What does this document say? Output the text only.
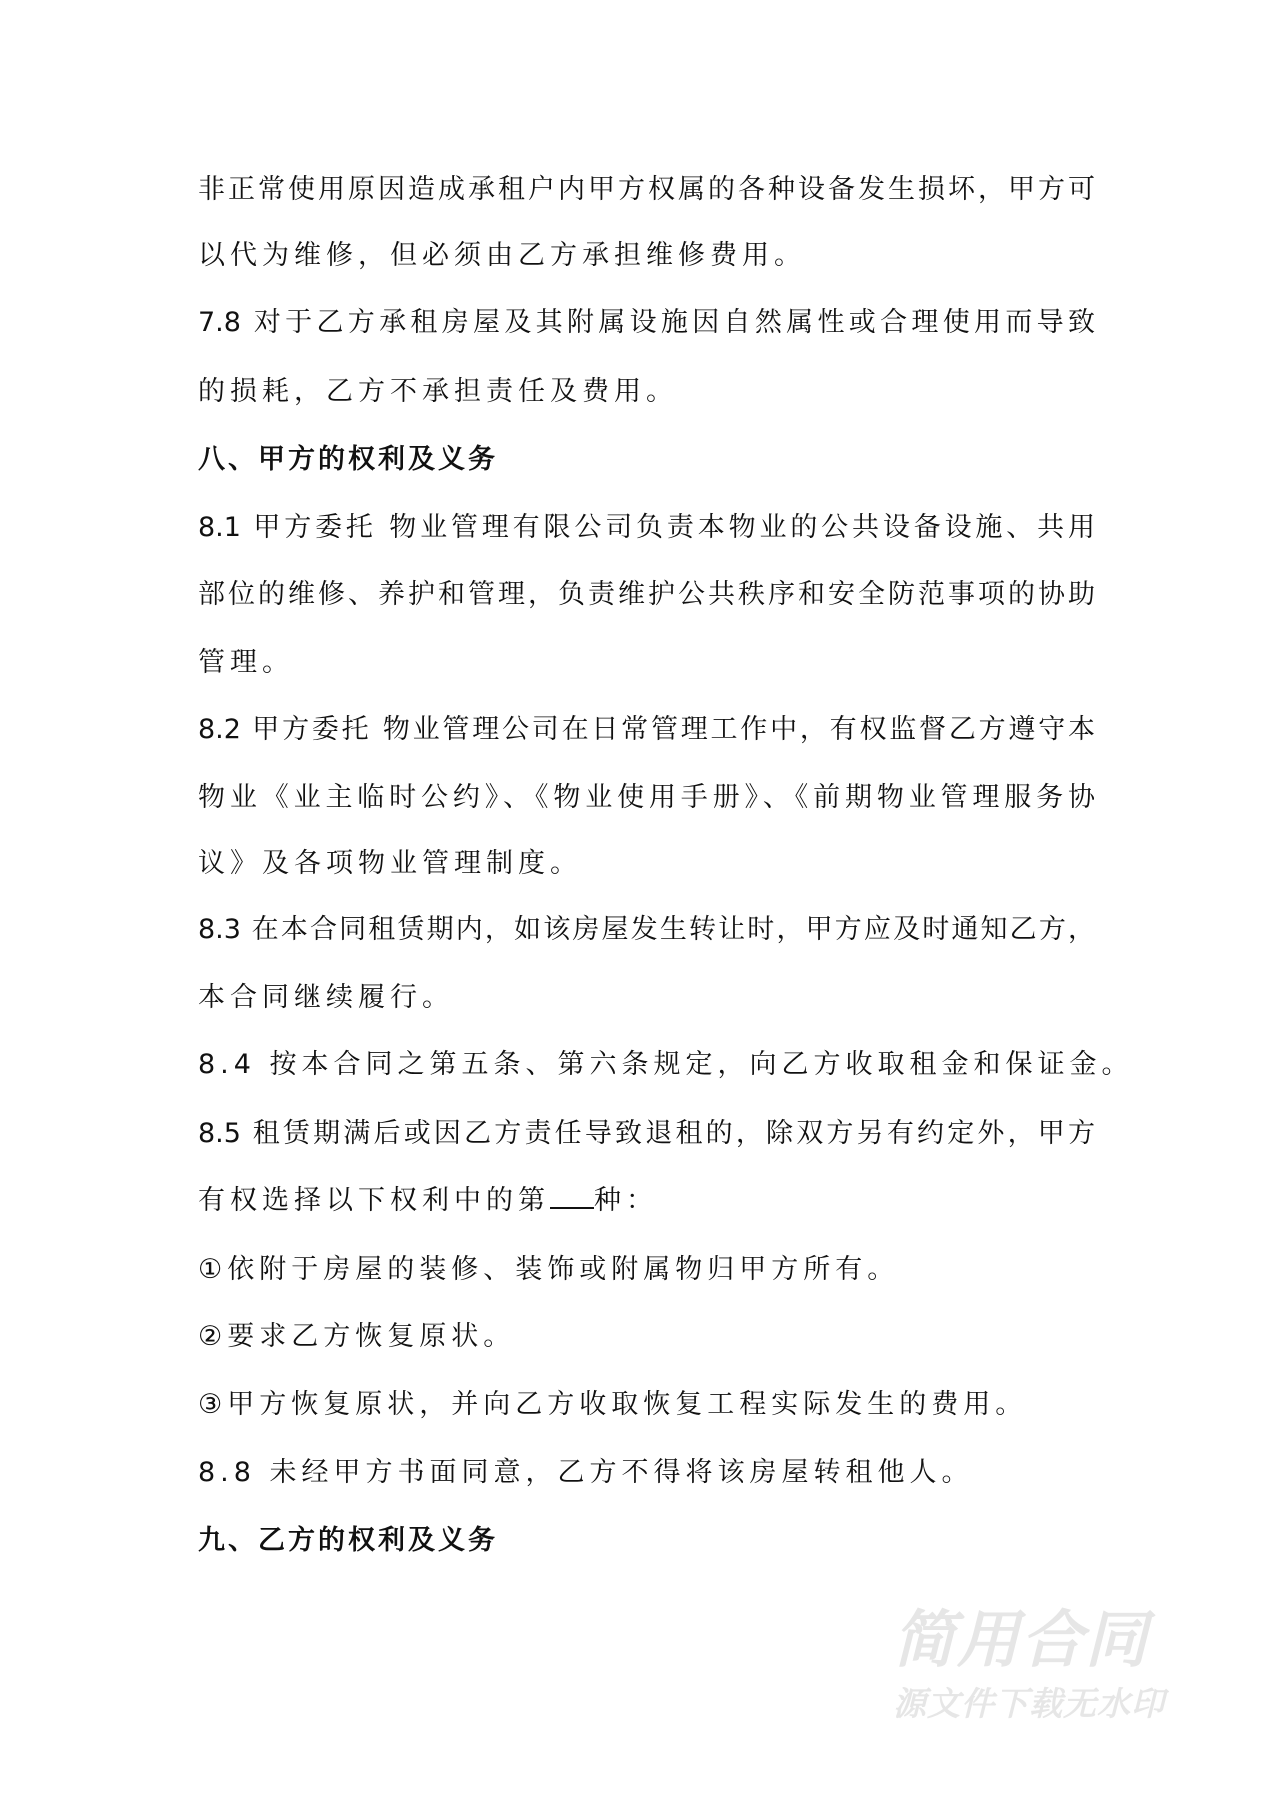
非正常使用原因造成承租户内甲方权属的各种设备发生损坏，甲方可
以代为维修，但必须由乙方承担维修费用。
7.8 对于乙方承租房屋及其附属设施因自然属性或合理使用而导致
的损耗，乙方不承担责任及费用。
八、甲方的权利及义务
8.1 甲方委托 物业管理有限公司负责本物业的公共设备设施、共用
部位的维修、养护和管理，负责维护公共秩序和安全防范事项的协助
管理。
8.2 甲方委托 物业管理公司在日常管理工作中，有权监督乙方遵守本
物业《业主临时公约》、《物业使用手册》、《前期物业管理服务协
议》及各项物业管理制度。
8.3 在本合同租赁期内，如该房屋发生转让时，甲方应及时通知乙方，
本合同继续履行。
8.4 按本合同之第五条、第六条规定，向乙方收取租金和保证金。
8.5 租赁期满后或因乙方责任导致退租的，除双方另有约定外，甲方
有权选择以下权利中的第 种：
①依附于房屋的装修、装饰或附属物归甲方所有。
②要求乙方恢复原状。
③甲方恢复原状，并向乙方收取恢复工程实际发生的费用。
8.8 未经甲方书面同意，乙方不得将该房屋转租他人。
九、乙方的权利及义务
简用合同
源文件下载无水印
